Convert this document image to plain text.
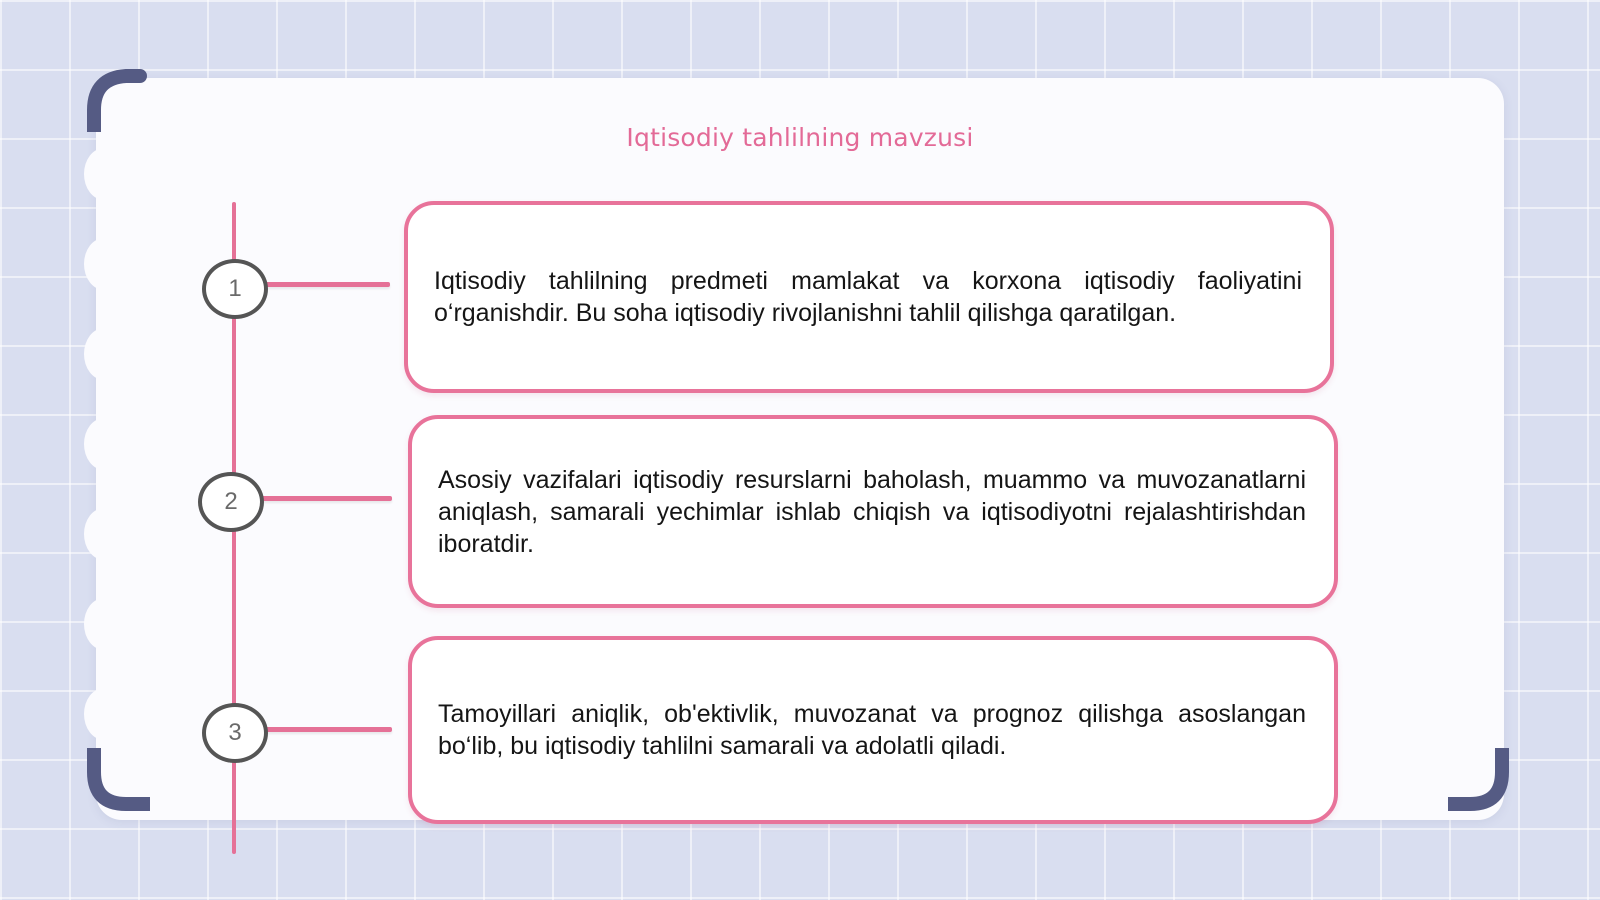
Iqtisodiy tahlilning mavzusi
1	Iqtisodiy tahlilning predmeti mamlakat va korxona iqtisodiy faoliyatini o‘rganishdir. Bu soha iqtisodiy rivojlanishni tahlil qilishga qaratilgan.
2
Asosiy vazifalari iqtisodiy resurslarni baholash, muammo va muvozanatlarni aniqlash, samarali yechimlar ishlab chiqish va iqtisodiyotni rejalashtirishdan iboratdir.
3
Tamoyillari aniqlik, ob'ektivlik, muvozanat va prognoz qilishga asoslangan bo‘lib, bu iqtisodiy tahlilni samarali va adolatli qiladi.
